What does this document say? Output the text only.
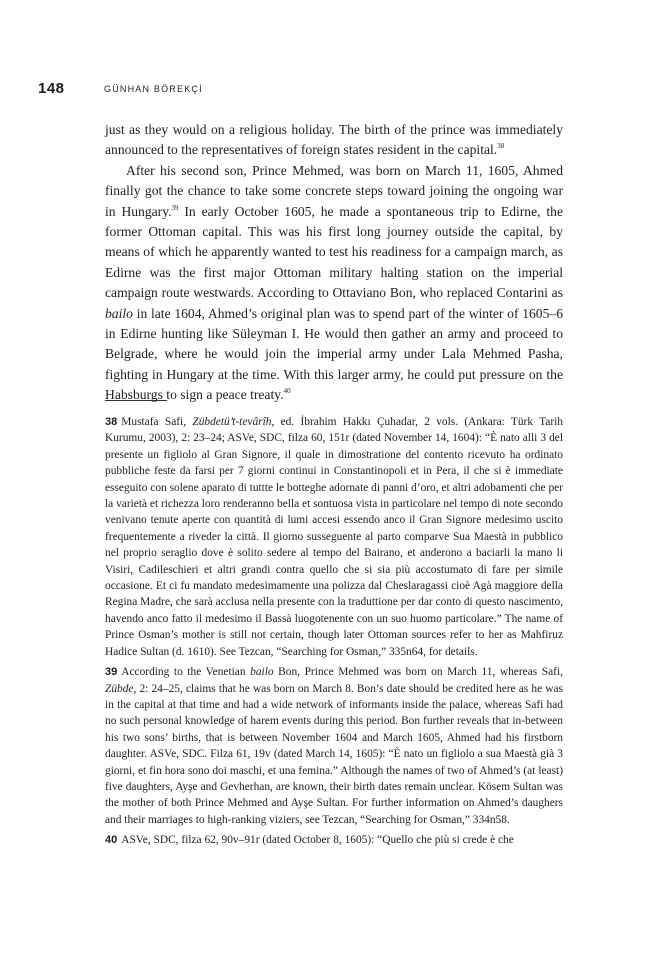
148	GÜNHAN BÖREKÇİ

just as they would on a religious holiday. The birth of the prince was immediately announced to the representatives of foreign states resident in the capital.$^{38}$

After his second son, Prince Mehmed, was born on March 11, 1605, Ahmed finally got the chance to take some concrete steps toward joining the ongoing war in Hungary.$^{39}$ In early October 1605, he made a spontaneous trip to Edirne, the former Ottoman capital. This was his first long journey outside the capital, by means of which he apparently wanted to test his readiness for a campaign march, as Edirne was the first major Ottoman military halting station on the imperial campaign route westwards. According to Ottaviano Bon, who replaced Contarini as bailo in late 1604, Ahmed’s original plan was to spend part of the winter of 1605–6 in Edirne hunting like Süleyman I. He would then gather an army and proceed to Belgrade, where he would join the imperial army under Lala Mehmed Pasha, fighting in Hungary at the time. With this larger army, he could put pressure on the Habsburgs to sign a peace treaty.$^{40}$

38 Mustafa Safi, Zübdetü’t-tevârîh, ed. İbrahim Hakkı Çuhadar, 2 vols. (Ankara: Türk Tarih Kurumu, 2003), 2: 23–24; ASVe, SDC, filza 60, 151r (dated November 14, 1604): “È nato alli 3 del presente un figliolo al Gran Signore, il quale in dimostratione del contento ricevuto ha ordinato pubbliche feste da farsi per 7 giorni continui in Constantinopoli et in Pera, il che si è immediate esseguito con solene aparato di tuttte le botteghe adornate di panni d’oro, et altri adobamenti che per la varietà et richezza loro renderanno bella et sontuosa vista in particolare nel tempo di note secondo venivano tenute aperte con quantità di lumi accesi essendo anco il Gran Signore medesimo uscito frequentemente a riveder la città. Il giorno susseguente al parto comparve Sua Maestà in pubblico nel proprio seraglio dove è solito sedere al tempo del Bairano, et anderono a baciarli la mano li Visiri, Cadileschieri et altri grandi contra quello che si sia più accostumato di fare per simile occasione. Et ci fu mandato medesimamente una polizza dal Cheslaragassi cioè Agà maggiore della Regina Madre, che sarà acclusa nella presente con la traduttione per dar conto di questo nascimento, havendo anco fatto il medesimo il Bassà luogotenente con un suo huomo particolare.” The name of Prince Osman’s mother is still not certain, though later Ottoman sources refer to her as Mahfiruz Hadice Sultan (d. 1610). See Tezcan, “Searching for Osman,” 335n64, for details.

39 According to the Venetian bailo Bon, Prince Mehmed was born on March 11, whereas Safi, Zübde, 2: 24–25, claims that he was born on March 8. Bon’s date should be credited here as he was in the capital at that time and had a wide network of informants inside the palace, whereas Safi had no such personal knowledge of harem events during this period. Bon further reveals that in-between his two sons’ births, that is between November 1604 and March 1605, Ahmed had his firstborn daughter. ASVe, SDC. Filza 61, 19v (dated March 14, 1605): “È nato un figliolo a sua Maestà già 3 giorni, et fin hora sono doi maschi, et una femina.” Although the names of two of Ahmed’s (at least) five daughters, Ayşe and Gevherhan, are known, their birth dates remain unclear. Kösem Sultan was the mother of both Prince Mehmed and Ayşe Sultan. For further information on Ahmed’s daughers and their marriages to high-ranking viziers, see Tezcan, “Searching for Osman,” 334n58.

40 ASVe, SDC, filza 62, 90v–91r (dated October 8, 1605): “Quello che più si crede è che
